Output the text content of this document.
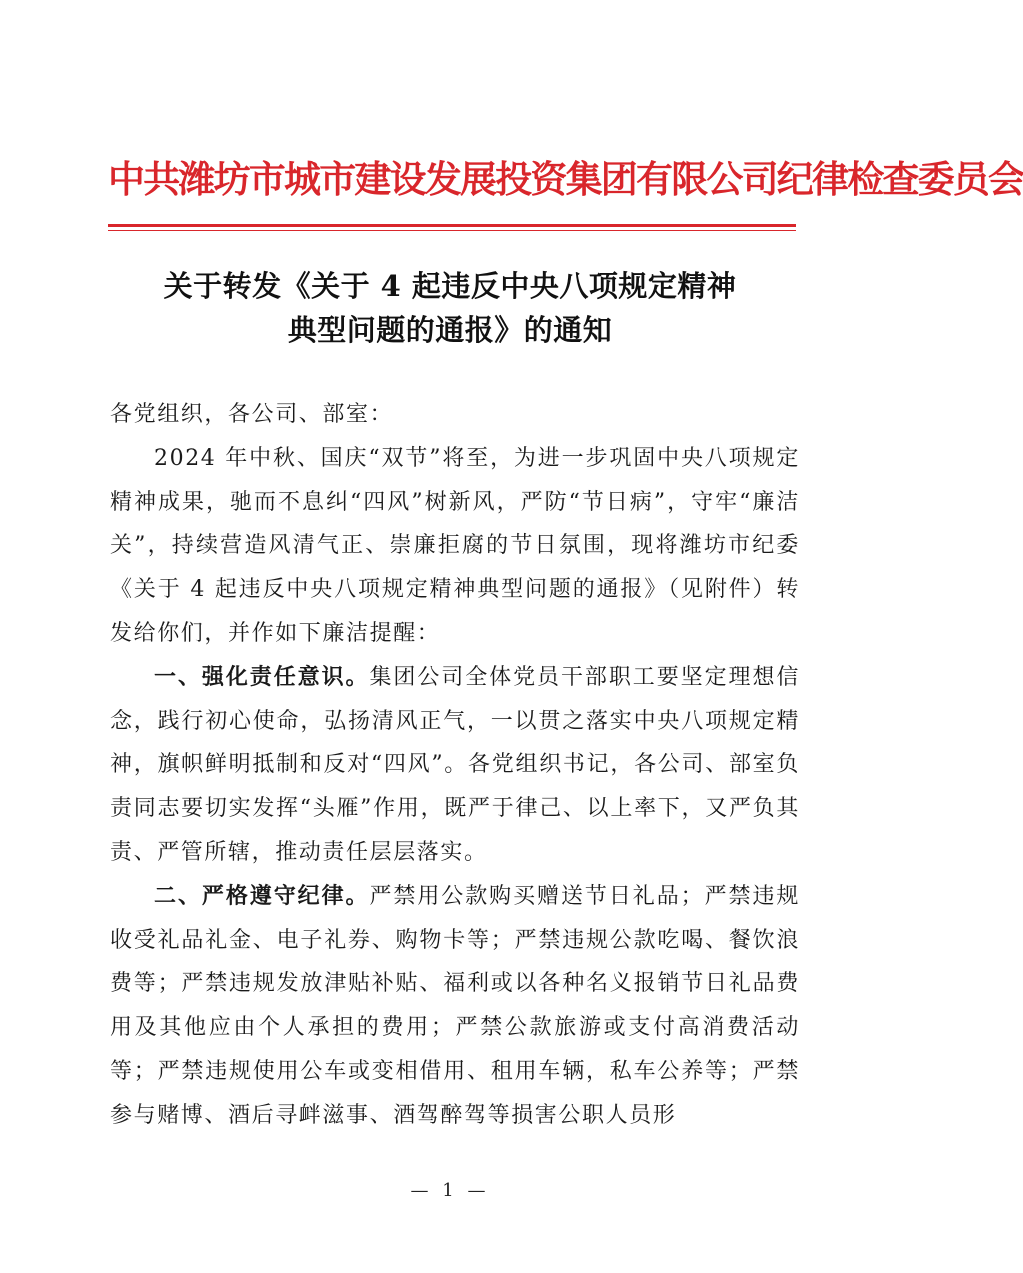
中共潍坊市城市建设发展投资集团有限公司纪律检查委员会
关于转发《关于 4 起违反中央八项规定精神
典型问题的通报》的通知

各党组织，各公司、部室：

2024 年中秋、国庆“双节”将至，为进一步巩固中央八项规定精神成果，驰而不息纠“四风”树新风，严防“节日病”，守牢“廉洁关”，持续营造风清气正、崇廉拒腐的节日氛围，现将潍坊市纪委《关于 4 起违反中央八项规定精神典型问题的通报》（见附件）转发给你们，并作如下廉洁提醒：

一、强化责任意识。集团公司全体党员干部职工要坚定理想信念，践行初心使命，弘扬清风正气，一以贯之落实中央八项规定精神，旗帜鲜明抵制和反对“四风”。各党组织书记，各公司、部室负责同志要切实发挥“头雁”作用，既严于律己、以上率下，又严负其责、严管所辖，推动责任层层落实。

二、严格遵守纪律。严禁用公款购买赠送节日礼品；严禁违规收受礼品礼金、电子礼券、购物卡等；严禁违规公款吃喝、餐饮浪费等；严禁违规发放津贴补贴、福利或以各种名义报销节日礼品费用及其他应由个人承担的费用；严禁公款旅游或支付高消费活动等；严禁违规使用公车或变相借用、租用车辆，私车公养等；严禁参与赌博、酒后寻衅滋事、酒驾醉驾等损害公职人员形

— 1 —
